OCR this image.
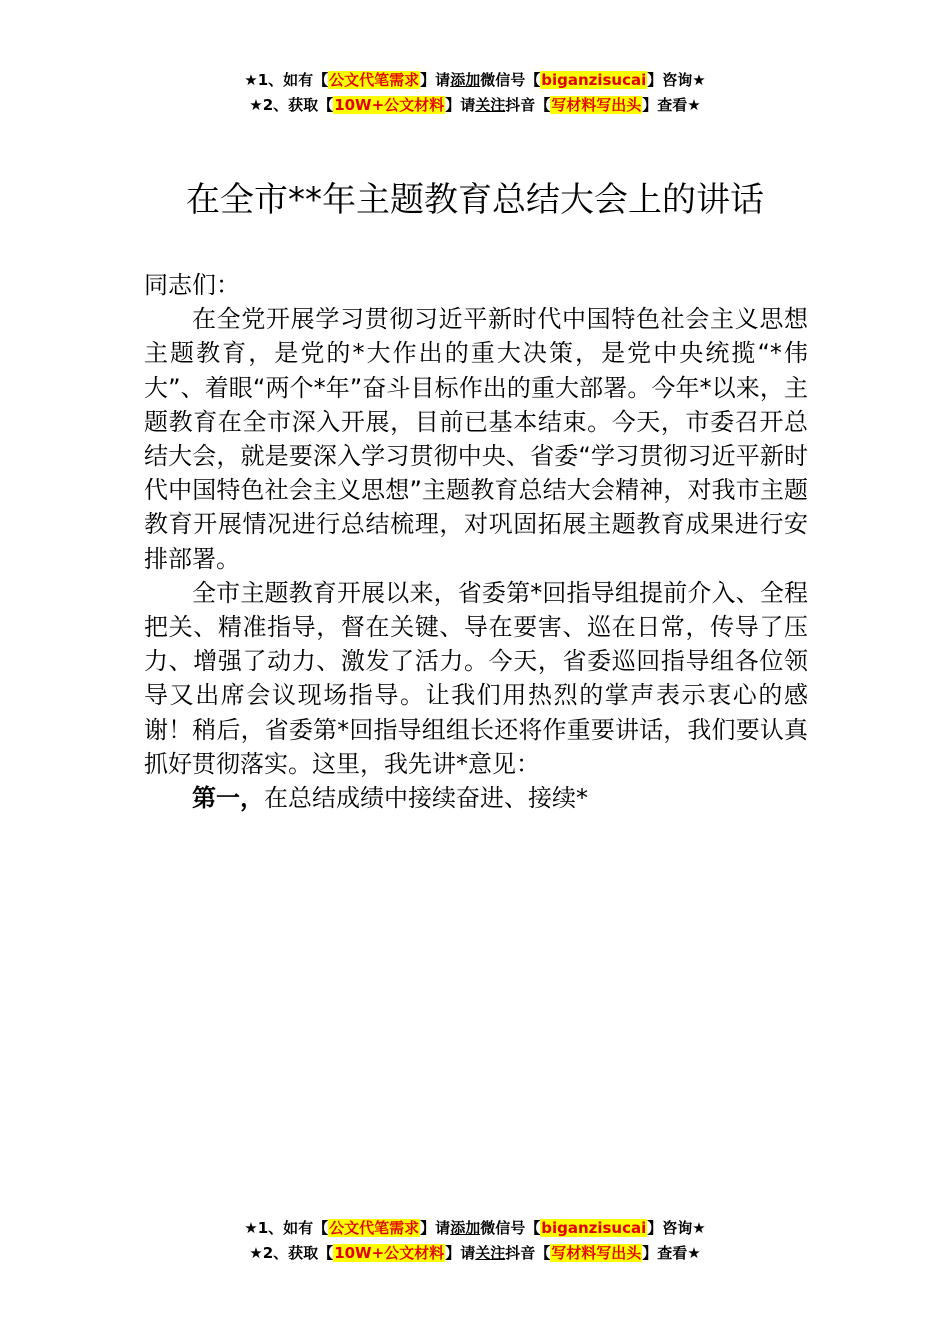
★1、如有【公文代笔需求】请添加微信号【biganzisucai】咨询★
★2、获取【10W+公文材料】请关注抖音【写材料写出头】查看★
在全市**年主题教育总结大会上的讲话

同志们：

在全党开展学习贯彻习近平新时代中国特色社会主义思想主题教育，是党的*大作出的重大决策，是党中央统揽“*伟大”、着眼“两个*年”奋斗目标作出的重大部署。今年*以来，主题教育在全市深入开展，目前已基本结束。今天，市委召开总结大会，就是要深入学习贯彻中央、省委“学习贯彻习近平新时代中国特色社会主义思想”主题教育总结大会精神，对我市主题教育开展情况进行总结梳理，对巩固拓展主题教育成果进行安排部署。

全市主题教育开展以来，省委第*回指导组提前介入、全程把关、精准指导，督在关键、导在要害、巡在日常，传导了压力、增强了动力、激发了活力。今天，省委巡回指导组各位领导又出席会议现场指导。让我们用热烈的掌声表示衷心的感谢！稍后，省委第*回指导组组长还将作重要讲话，我们要认真抓好贯彻落实。这里，我先讲*意见：

第一，在总结成绩中接续奋进、接续*

★1、如有【公文代笔需求】请添加微信号【biganzisucai】咨询★
★2、获取【10W+公文材料】请关注抖音【写材料写出头】查看★
